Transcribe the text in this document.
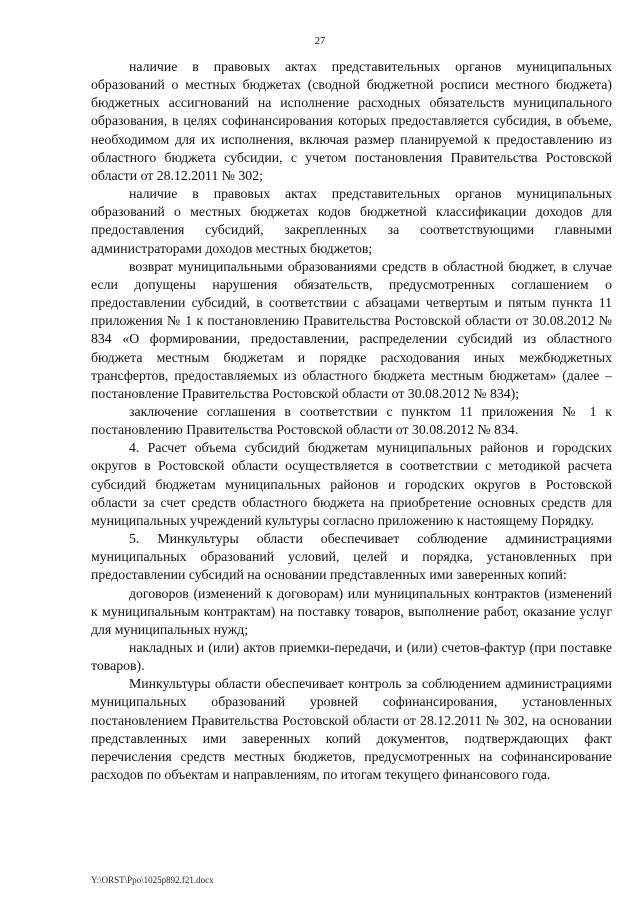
27

наличие в правовых актах представительных органов муниципальных образований о местных бюджетах (сводной бюджетной росписи местного бюджета) бюджетных ассигнований на исполнение расходных обязательств муниципального образования, в целях софинансирования которых предоставляется субсидия, в объеме, необходимом для их исполнения, включая размер планируемой к предоставлению из областного бюджета субсидии, с учетом постановления Правительства Ростовской области от 28.12.2011 № 302;

наличие в правовых актах представительных органов муниципальных образований о местных бюджетах кодов бюджетной классификации доходов для предоставления субсидий, закрепленных за соответствующими главными администраторами доходов местных бюджетов;

возврат муниципальными образованиями средств в областной бюджет, в случае если допущены нарушения обязательств, предусмотренных соглашением о предоставлении субсидий, в соответствии с абзацами четвертым и пятым пункта 11 приложения № 1 к постановлению Правительства Ростовской области от 30.08.2012 № 834 «О формировании, предоставлении, распределении субсидий из областного бюджета местным бюджетам и порядке расходования иных межбюджетных трансфертов, предоставляемых из областного бюджета местным бюджетам» (далее – постановление Правительства Ростовской области от 30.08.2012 № 834);

заключение соглашения в соответствии с пунктом 11 приложения № 1 к постановлению Правительства Ростовской области от 30.08.2012 № 834.

4. Расчет объема субсидий бюджетам муниципальных районов и городских округов в Ростовской области осуществляется в соответствии с методикой расчета субсидий бюджетам муниципальных районов и городских округов в Ростовской области за счет средств областного бюджета на приобретение основных средств для муниципальных учреждений культуры согласно приложению к настоящему Порядку.

5. Минкультуры области обеспечивает соблюдение администрациями муниципальных образований условий, целей и порядка, установленных при предоставлении субсидий на основании представленных ими заверенных копий:

договоров (изменений к договорам) или муниципальных контрактов (изменений к муниципальным контрактам) на поставку товаров, выполнение работ, оказание услуг для муниципальных нужд;

накладных и (или) актов приемки-передачи, и (или) счетов-фактур (при поставке товаров).

Минкультуры области обеспечивает контроль за соблюдением администрациями муниципальных образований уровней софинансирования, установленных постановлением Правительства Ростовской области от 28.12.2011 № 302, на основании представленных ими заверенных копий документов, подтверждающих факт перечисления средств местных бюджетов, предусмотренных на софинансирование расходов по объектам и направлениям, по итогам текущего финансового года.

Y:\ORST\Ppo\1025p892.f21.docx
